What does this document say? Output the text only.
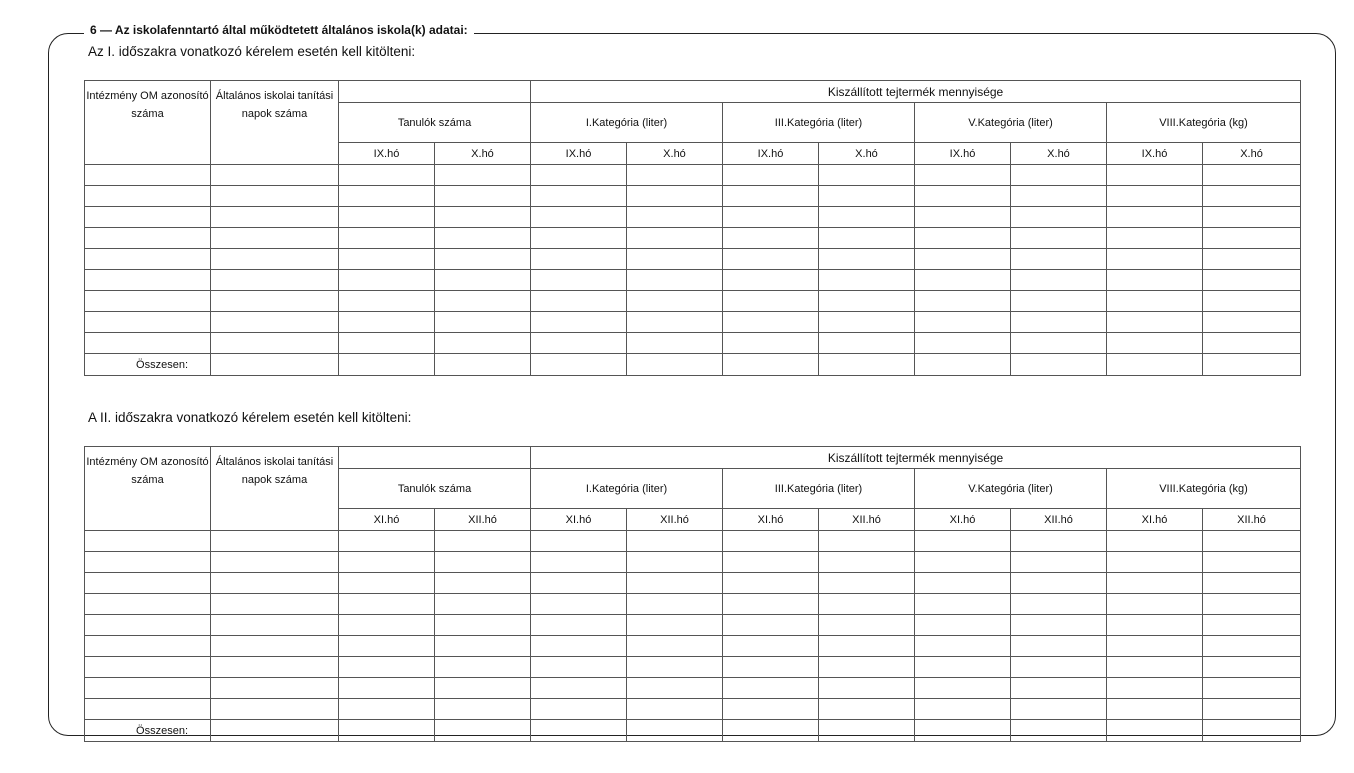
6 — Az iskolafenntartó által működtetett általános iskola(k) adatai:
Az I. időszakra vonatkozó kérelem esetén kell kitölteni:
Intézmény OM azonosító száma	Általános iskolai tanítási napok száma			Kiszállított tejtermék mennyisége							
		Tanulók száma		I.Kategória (liter)		III.Kategória (liter)		V.Kategória (liter)		VIII.Kategória (kg)	
		IX.hó	X.hó	IX.hó	X.hó	IX.hó	X.hó	IX.hó	X.hó	IX.hó	X.hó

Összesen:											
A II. időszakra vonatkozó kérelem esetén kell kitölteni:
Intézmény OM azonosító száma	Általános iskolai tanítási napok száma			Kiszállított tejtermék mennyisége							
		Tanulók száma		I.Kategória (liter)		III.Kategória (liter)		V.Kategória (liter)		VIII.Kategória (kg)	
		XI.hó	XII.hó	XI.hó	XII.hó	XI.hó	XII.hó	XI.hó	XII.hó	XI.hó	XII.hó

Összesen:											
